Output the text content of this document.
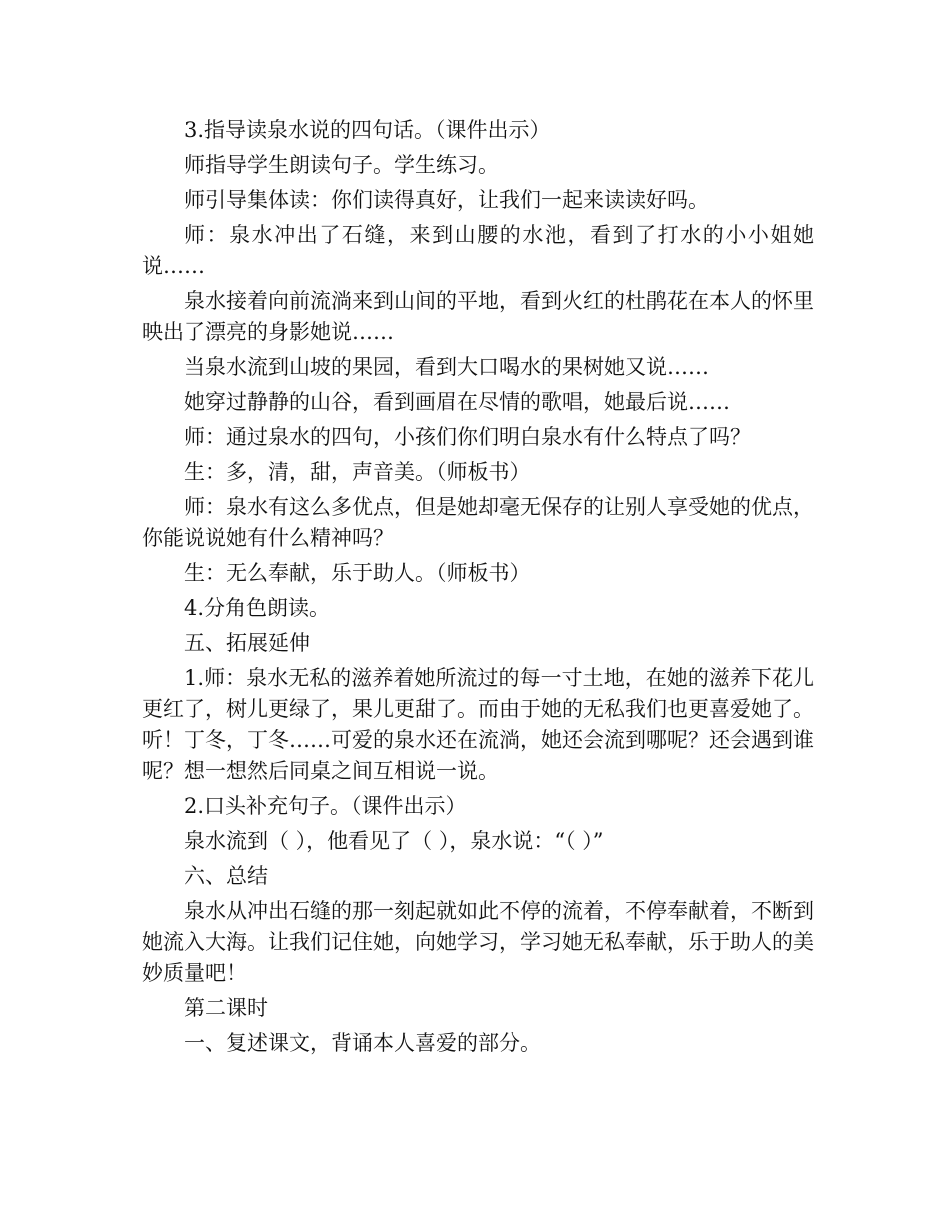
3.指导读泉水说的四句话。（课件出示）

师指导学生朗读句子。学生练习。

师引导集体读：你们读得真好，让我们一起来读读好吗。

师：泉水冲出了石缝，来到山腰的水池，看到了打水的小小姐她说……

泉水接着向前流淌来到山间的平地，看到火红的杜鹃花在本人的怀里映出了漂亮的身影她说……

当泉水流到山坡的果园，看到大口喝水的果树她又说……

她穿过静静的山谷，看到画眉在尽情的歌唱，她最后说……

师：通过泉水的四句，小孩们你们明白泉水有什么特点了吗？

生：多，清，甜，声音美。（师板书）

师：泉水有这么多优点，但是她却毫无保存的让别人享受她的优点，你能说说她有什么精神吗？

生：无么奉献，乐于助人。（师板书）

4.分角色朗读。

五、拓展延伸

1.师：泉水无私的滋养着她所流过的每一寸土地，在她的滋养下花儿更红了，树儿更绿了，果儿更甜了。而由于她的无私我们也更喜爱她了。听！丁冬，丁冬……可爱的泉水还在流淌，她还会流到哪呢？还会遇到谁呢？想一想然后同桌之间互相说一说。

2.口头补充句子。（课件出示）

泉水流到（ ），他看见了（ ），泉水说：“（ ）”

六、总结

泉水从冲出石缝的那一刻起就如此不停的流着，不停奉献着，不断到她流入大海。让我们记住她，向她学习，学习她无私奉献，乐于助人的美妙质量吧！

第二课时

一、复述课文，背诵本人喜爱的部分。
